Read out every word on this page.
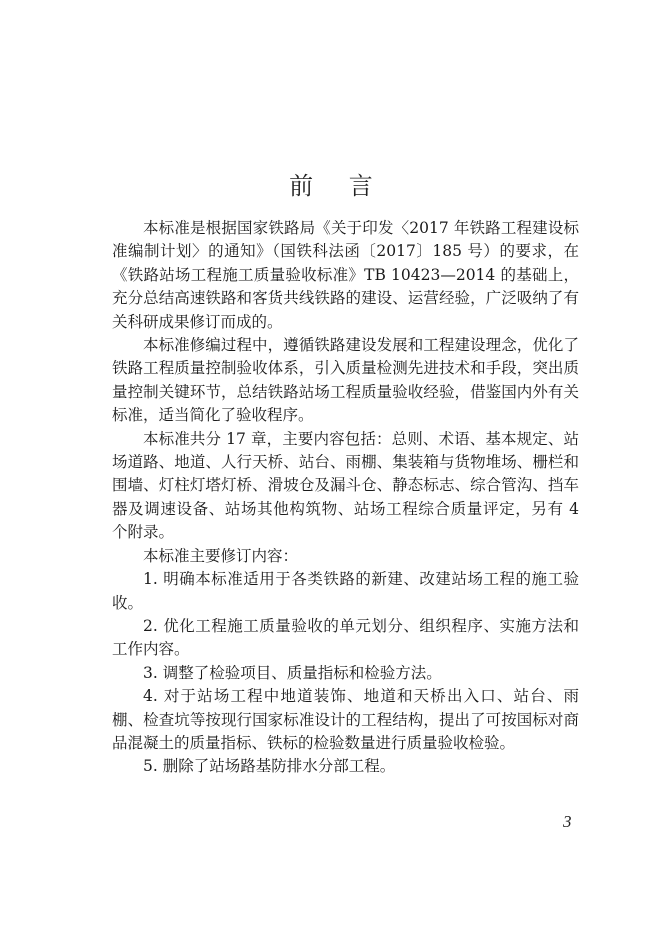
前 言

本标准是根据国家铁路局《关于印发〈2017 年铁路工程建设标准编制计划〉的通知》（国铁科法函〔2017〕185 号）的要求，在《铁路站场工程施工质量验收标准》TB 10423—2014 的基础上，充分总结高速铁路和客货共线铁路的建设、运营经验，广泛吸纳了有关科研成果修订而成的。

本标准修编过程中，遵循铁路建设发展和工程建设理念，优化了铁路工程质量控制验收体系，引入质量检测先进技术和手段，突出质量控制关键环节，总结铁路站场工程质量验收经验，借鉴国内外有关标准，适当简化了验收程序。

本标准共分 17 章，主要内容包括：总则、术语、基本规定、站场道路、地道、人行天桥、站台、雨棚、集装箱与货物堆场、栅栏和围墙、灯柱灯塔灯桥、滑坡仓及漏斗仓、静态标志、综合管沟、挡车器及调速设备、站场其他构筑物、站场工程综合质量评定，另有 4 个附录。

本标准主要修订内容：

1. 明确本标准适用于各类铁路的新建、改建站场工程的施工验收。

2. 优化工程施工质量验收的单元划分、组织程序、实施方法和工作内容。

3. 调整了检验项目、质量指标和检验方法。

4. 对于站场工程中地道装饰、地道和天桥出入口、站台、雨棚、检查坑等按现行国家标准设计的工程结构，提出了可按国标对商品混凝土的质量指标、铁标的检验数量进行质量验收检验。

5. 删除了站场路基防排水分部工程。

3
